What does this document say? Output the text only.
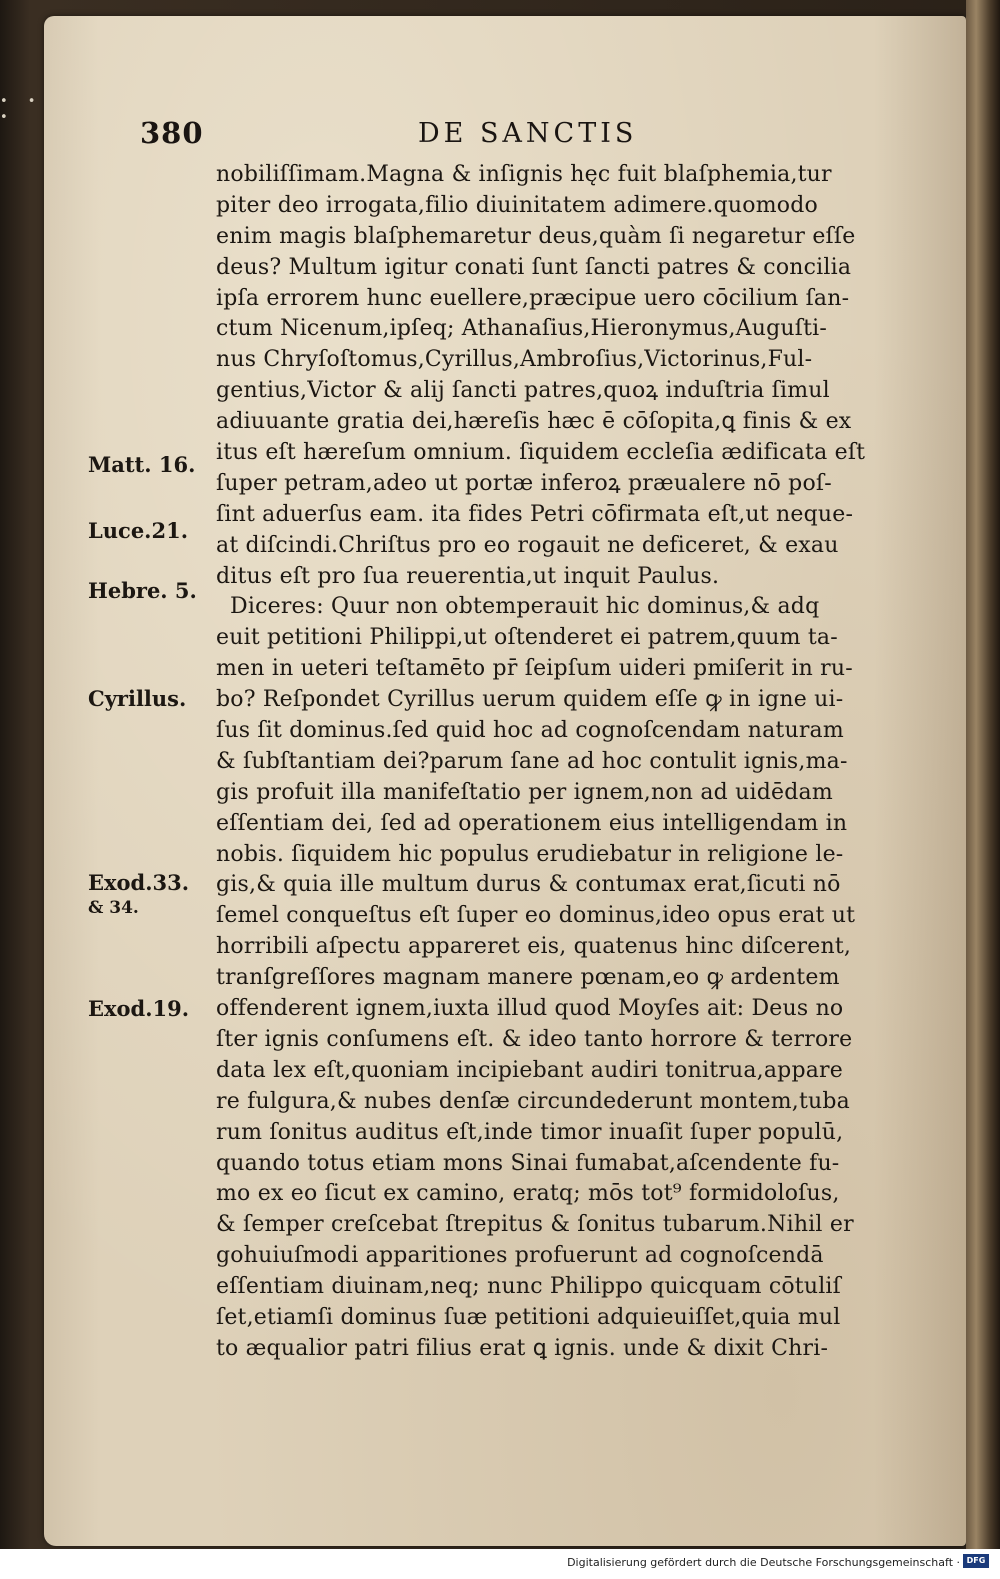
• • •	380	DE SANCTIS
nobiliſſimam.Magna & inſignis hęc fuit blaſphemia,tur
piter deo irrogata,filio diuinitatem adimere.quomodo
enim magis blaſphemaretur deus,quàm ſi negaretur eſſe
deus? Multum igitur conati ſunt ſancti patres & concilia
ipſa errorem hunc euellere,præcipue uero cōcilium ſan-
ctum Nicenum,ipſeq; Athanaſius,Hieronymus,Auguſti-
nus Chryſoſtomus,Cyrillus,Ambroſius,Victorinus,Ful-
gentius,Victor & alij ſancti patres,quoꝝ induſtria ſimul
adiuuante gratia dei,hæreſis hæc ē cōſopita,ꝗ finis & ex
itus eſt hæreſum omnium. ſiquidem eccleſia ædificata eſt
ſuper petram,adeo ut portæ inferoꝝ præualere nō poſ-
ſint aduerſus eam. ita fides Petri cōfirmata eſt,ut neque-
at diſcindi.Chriſtus pro eo rogauit ne deficeret, & exau
ditus eſt pro ſua reuerentia,ut inquit Paulus.
Diceres: Quur non obtemperauit hic dominus,& adq
euit petitioni Philippi,ut oſtenderet ei patrem,quum ta-
men in ueteri teſtamēto pr̄ ſeipſum uideri pmiſerit in ru-
bo? Reſpondet Cyrillus uerum quidem eſſe ꝙ in igne ui-
ſus ſit dominus.ſed quid hoc ad cognoſcendam naturam
& ſubſtantiam dei?parum ſane ad hoc contulit ignis,ma-
gis profuit illa manifeſtatio per ignem,non ad uidēdam
eſſentiam dei, ſed ad operationem eius intelligendam in
nobis. ſiquidem hic populus erudiebatur in religione le-
gis,& quia ille multum durus & contumax erat,ſicuti nō
ſemel conqueſtus eſt ſuper eo dominus,ideo opus erat ut
horribili aſpectu appareret eis, quatenus hinc diſcerent,
tranſgreſſores magnam manere pœnam,eo ꝙ ardentem
offenderent ignem,iuxta illud quod Moyſes ait: Deus no
ſter ignis conſumens eſt. & ideo tanto horrore & terrore
data lex eſt,quoniam incipiebant audiri tonitrua,appare
re fulgura,& nubes denſæ circundederunt montem,tuba
rum ſonitus auditus eſt,inde timor inuaſit ſuper populū,
quando totus etiam mons Sinai fumabat,aſcendente fu-
mo ex eo ſicut ex camino, eratq; mōs tot⁹ formidoloſus,
& ſemper creſcebat ſtrepitus & ſonitus tubarum.Nihil er
gohuiuſmodi apparitiones profuerunt ad cognoſcendā
eſſentiam diuinam,neq; nunc Philippo quicquam cōtuliſ
ſet,etiamſi dominus ſuæ petitioni adquieuiſſet,quia mul
to æqualior patri filius erat ꝗ ignis. unde & dixit Chri-
Matt. 16.
Luce.21.
Hebre. 5.
Cyrillus.
Exod.33.
& 34.
Exod.19.
Digitalisierung gefördert durch die Deutsche Forschungsgemeinschaft · DFG
